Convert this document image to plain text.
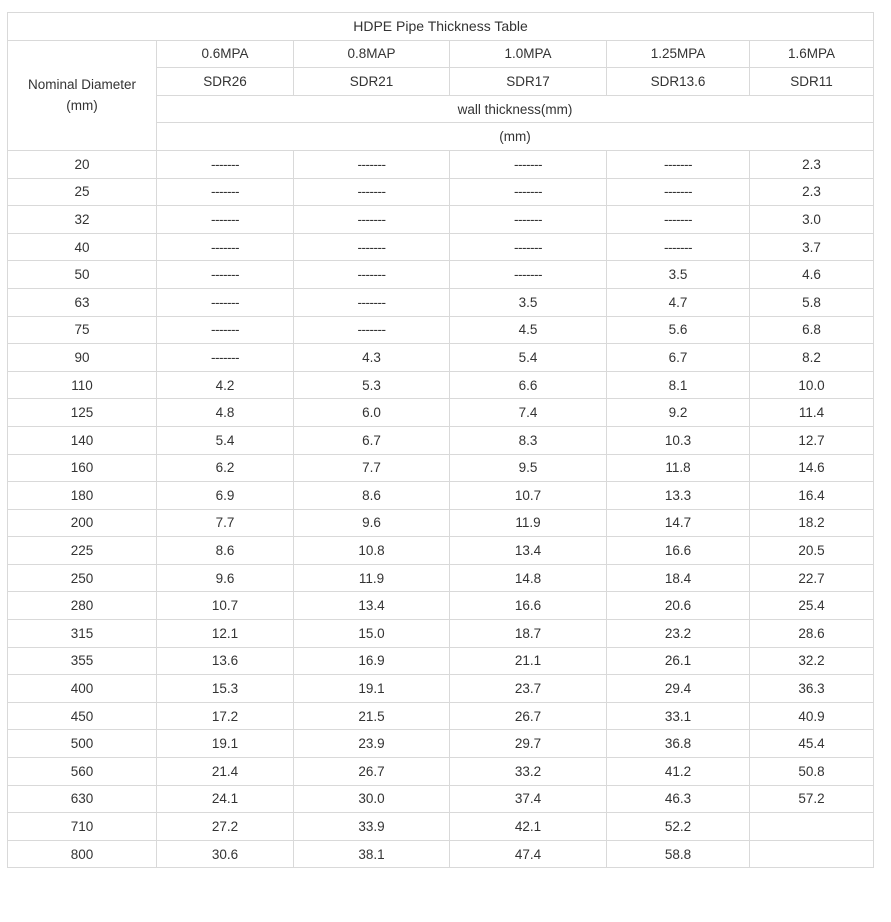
HDPE Pipe Thickness Table					
Nominal Diameter
(mm)	0.6MPA	0.8MAP	1.0MPA	1.25MPA	1.6MPA
	SDR26	SDR21	SDR17	SDR13.6	SDR11
	wall thickness(mm)				
	(mm)				
20	-------	-------	-------	-------	2.3
25	-------	-------	-------	-------	2.3
32	-------	-------	-------	-------	3.0
40	-------	-------	-------	-------	3.7
50	-------	-------	-------	3.5	4.6
63	-------	-------	3.5	4.7	5.8
75	-------	-------	4.5	5.6	6.8
90	-------	4.3	5.4	6.7	8.2
110	4.2	5.3	6.6	8.1	10.0
125	4.8	6.0	7.4	9.2	11.4
140	5.4	6.7	8.3	10.3	12.7
160	6.2	7.7	9.5	11.8	14.6
180	6.9	8.6	10.7	13.3	16.4
200	7.7	9.6	11.9	14.7	18.2
225	8.6	10.8	13.4	16.6	20.5
250	9.6	11.9	14.8	18.4	22.7
280	10.7	13.4	16.6	20.6	25.4
315	12.1	15.0	18.7	23.2	28.6
355	13.6	16.9	21.1	26.1	32.2
400	15.3	19.1	23.7	29.4	36.3
450	17.2	21.5	26.7	33.1	40.9
500	19.1	23.9	29.7	36.8	45.4
560	21.4	26.7	33.2	41.2	50.8
630	24.1	30.0	37.4	46.3	57.2
710	27.2	33.9	42.1	52.2	
800	30.6	38.1	47.4	58.8	
